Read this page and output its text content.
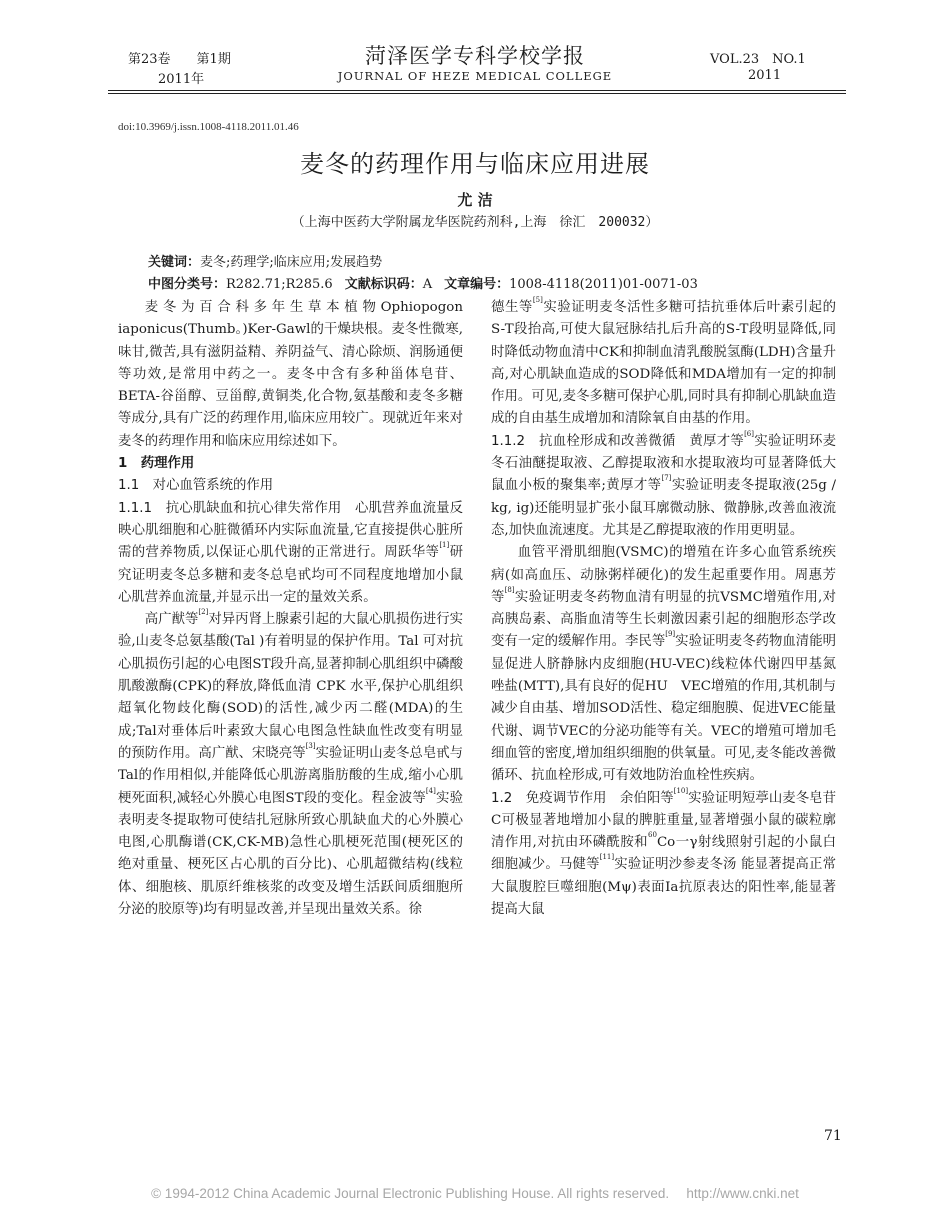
第23卷　　第1期
2011年
菏泽医学专科学校学报
JOURNAL OF HEZE MEDICAL COLLEGE
VOL.23　NO.1
2011
doi:10.3969/j.issn.1008-4118.2011.01.46
麦冬的药理作用与临床应用进展
尤 洁
（上海中医药大学附属龙华医院药剂科,上海　徐汇　200032）
关键词：麦冬;药理学;临床应用;发展趋势
中图分类号：R282.71;R285.6 文献标识码：A 文章编号：1008-4118(2011)01-0071-03

麦冬为百合科多年生草本植物Ophiopogon iaponicus(Thumb。)Ker-Gawl的干燥块根。麦冬性微寒,味甘,微苦,具有滋阴益精、养阴益气、清心除烦、润肠通便等功效,是常用中药之一。麦冬中含有多种甾体皂苷、BETA-谷甾醇、豆甾醇,黄铜类,化合物,氨基酸和麦冬多糖等成分,具有广泛的药理作用,临床应用较广。现就近年来对麦冬的药理作用和临床应用综述如下。

1　药理作用

1.1　对心血管系统的作用

1.1.1　抗心肌缺血和抗心律失常作用　心肌营养血流量反映心肌细胞和心脏微循环内实际血流量,它直接提供心脏所需的营养物质,以保证心肌代谢的正常进行。周跃华等[1]研究证明麦冬总多糖和麦冬总皂甙均可不同程度地增加小鼠心肌营养血流量,并显示出一定的量效关系。

高广猷等[2]对异丙肾上腺素引起的大鼠心肌损伤进行实验,山麦冬总氨基酸(Tal )有着明显的保护作用。Tal 可对抗心肌损伤引起的心电图ST段升高,显著抑制心肌组织中磷酸肌酸激酶(CPK)的释放,降低血清 CPK 水平,保护心肌组织超氧化物歧化酶(SOD)的活性,减少丙二醛(MDA)的生成;Tal对垂体后叶素致大鼠心电图急性缺血性改变有明显的预防作用。高广猷、宋晓亮等[3]实验证明山麦冬总皂甙与Tal的作用相似,并能降低心肌游离脂肪酸的生成,缩小心肌梗死面积,减轻心外膜心电图ST段的变化。程金波等[4]实验表明麦冬提取物可使结扎冠脉所致心肌缺血犬的心外膜心电图,心肌酶谱(CK,CK-MB)急性心肌梗死范围(梗死区的绝对重量、梗死区占心肌的百分比)、心肌超微结构(线粒体、细胞核、肌原纤维核浆的改变及增生活跃间质细胞所分泌的胶原等)均有明显改善,并呈现出量效关系。徐

德生等[5]实验证明麦冬活性多糖可拮抗垂体后叶素引起的S-T段抬高,可使大鼠冠脉结扎后升高的S-T段明显降低,同时降低动物血清中CK和抑制血清乳酸脱氢酶(LDH)含量升高,对心肌缺血造成的SOD降低和MDA增加有一定的抑制作用。可见,麦冬多糖可保护心肌,同时具有抑制心肌缺血造成的自由基生成增加和清除氧自由基的作用。

1.1.2　抗血栓形成和改善微循　黄厚才等[6]实验证明环麦冬石油醚提取液、乙醇提取液和水提取液均可显著降低大鼠血小板的聚集率;黄厚才等[7]实验证明麦冬提取液(25g / kg, ig)还能明显扩张小鼠耳廓微动脉、微静脉,改善血液流态,加快血流速度。尤其是乙醇提取液的作用更明显。

血管平滑肌细胞(VSMC)的增殖在许多心血管系统疾病(如高血压、动脉粥样硬化)的发生起重要作用。周惠芳等[8]实验证明麦冬药物血清有明显的抗VSMC增殖作用,对高胰岛素、高脂血清等生长刺激因素引起的细胞形态学改变有一定的缓解作用。李民等[9]实验证明麦冬药物血清能明显促进人脐静脉内皮细胞(HU-VEC)线粒体代谢四甲基氮唑盐(MTT),具有良好的促HU　VEC增殖的作用,其机制与减少自由基、增加SOD活性、稳定细胞膜、促进VEC能量代谢、调节VEC的分泌功能等有关。VEC的增殖可增加毛细血管的密度,增加组织细胞的供氧量。可见,麦冬能改善微循环、抗血栓形成,可有效地防治血栓性疾病。

1.2　免疫调节作用　余伯阳等[10]实验证明短葶山麦冬皂苷C可极显著地增加小鼠的脾脏重量,显著增强小鼠的碳粒廓清作用,对抗由环磷酰胺和$^{60}$Co一γ射线照射引起的小鼠白细胞减少。马健等[11]实验证明沙参麦冬汤 能显著提高正常大鼠腹腔巨噬细胞(Mψ)表面Ia抗原表达的阳性率,能显著提高大鼠

71
© 1994-2012 China Academic Journal Electronic Publishing House. All rights reserved.　 http://www.cnki.net
